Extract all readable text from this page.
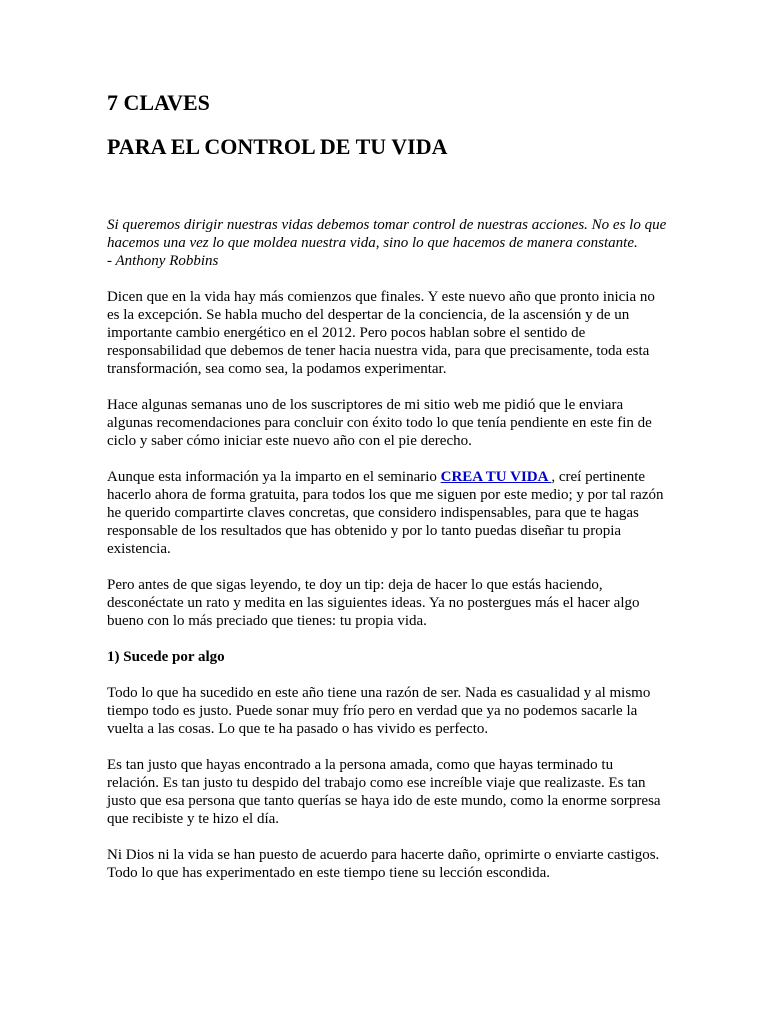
7 CLAVES
PARA EL CONTROL DE TU VIDA
Si queremos dirigir nuestras vidas debemos tomar control de nuestras acciones. No es lo que hacemos una vez lo que moldea nuestra vida, sino lo que hacemos de manera constante.
- Anthony Robbins

Dicen que en la vida hay más comienzos que finales. Y este nuevo año que pronto inicia no es la excepción. Se habla mucho del despertar de la conciencia, de la ascensión y de un importante cambio energético en el 2012. Pero pocos hablan sobre el sentido de responsabilidad que debemos de tener hacia nuestra vida, para que precisamente, toda esta transformación, sea como sea, la podamos experimentar.

Hace algunas semanas uno de los suscriptores de mi sitio web me pidió que le enviara algunas recomendaciones para concluir con éxito todo lo que tenía pendiente en este fin de ciclo y saber cómo iniciar este nuevo año con el pie derecho.

Aunque esta información ya la imparto en el seminario CREA TU VIDA , creí pertinente hacerlo ahora de forma gratuita, para todos los que me siguen por este medio; y por tal razón he querido compartirte claves concretas, que considero indispensables, para que te hagas responsable de los resultados que has obtenido y por lo tanto puedas diseñar tu propia existencia.

Pero antes de que sigas leyendo, te doy un tip: deja de hacer lo que estás haciendo, desconéctate un rato y medita en las siguientes ideas. Ya no postergues más el hacer algo bueno con lo más preciado que tienes: tu propia vida.

1) Sucede por algo

Todo lo que ha sucedido en este año tiene una razón de ser. Nada es casualidad y al mismo tiempo todo es justo. Puede sonar muy frío pero en verdad que ya no podemos sacarle la vuelta a las cosas. Lo que te ha pasado o has vivido es perfecto.

Es tan justo que hayas encontrado a la persona amada, como que hayas terminado tu relación. Es tan justo tu despido del trabajo como ese increíble viaje que realizaste. Es tan justo que esa persona que tanto querías se haya ido de este mundo, como la enorme sorpresa que recibiste y te hizo el día.

Ni Dios ni la vida se han puesto de acuerdo para hacerte daño, oprimirte o enviarte castigos. Todo lo que has experimentado en este tiempo tiene su lección escondida.
